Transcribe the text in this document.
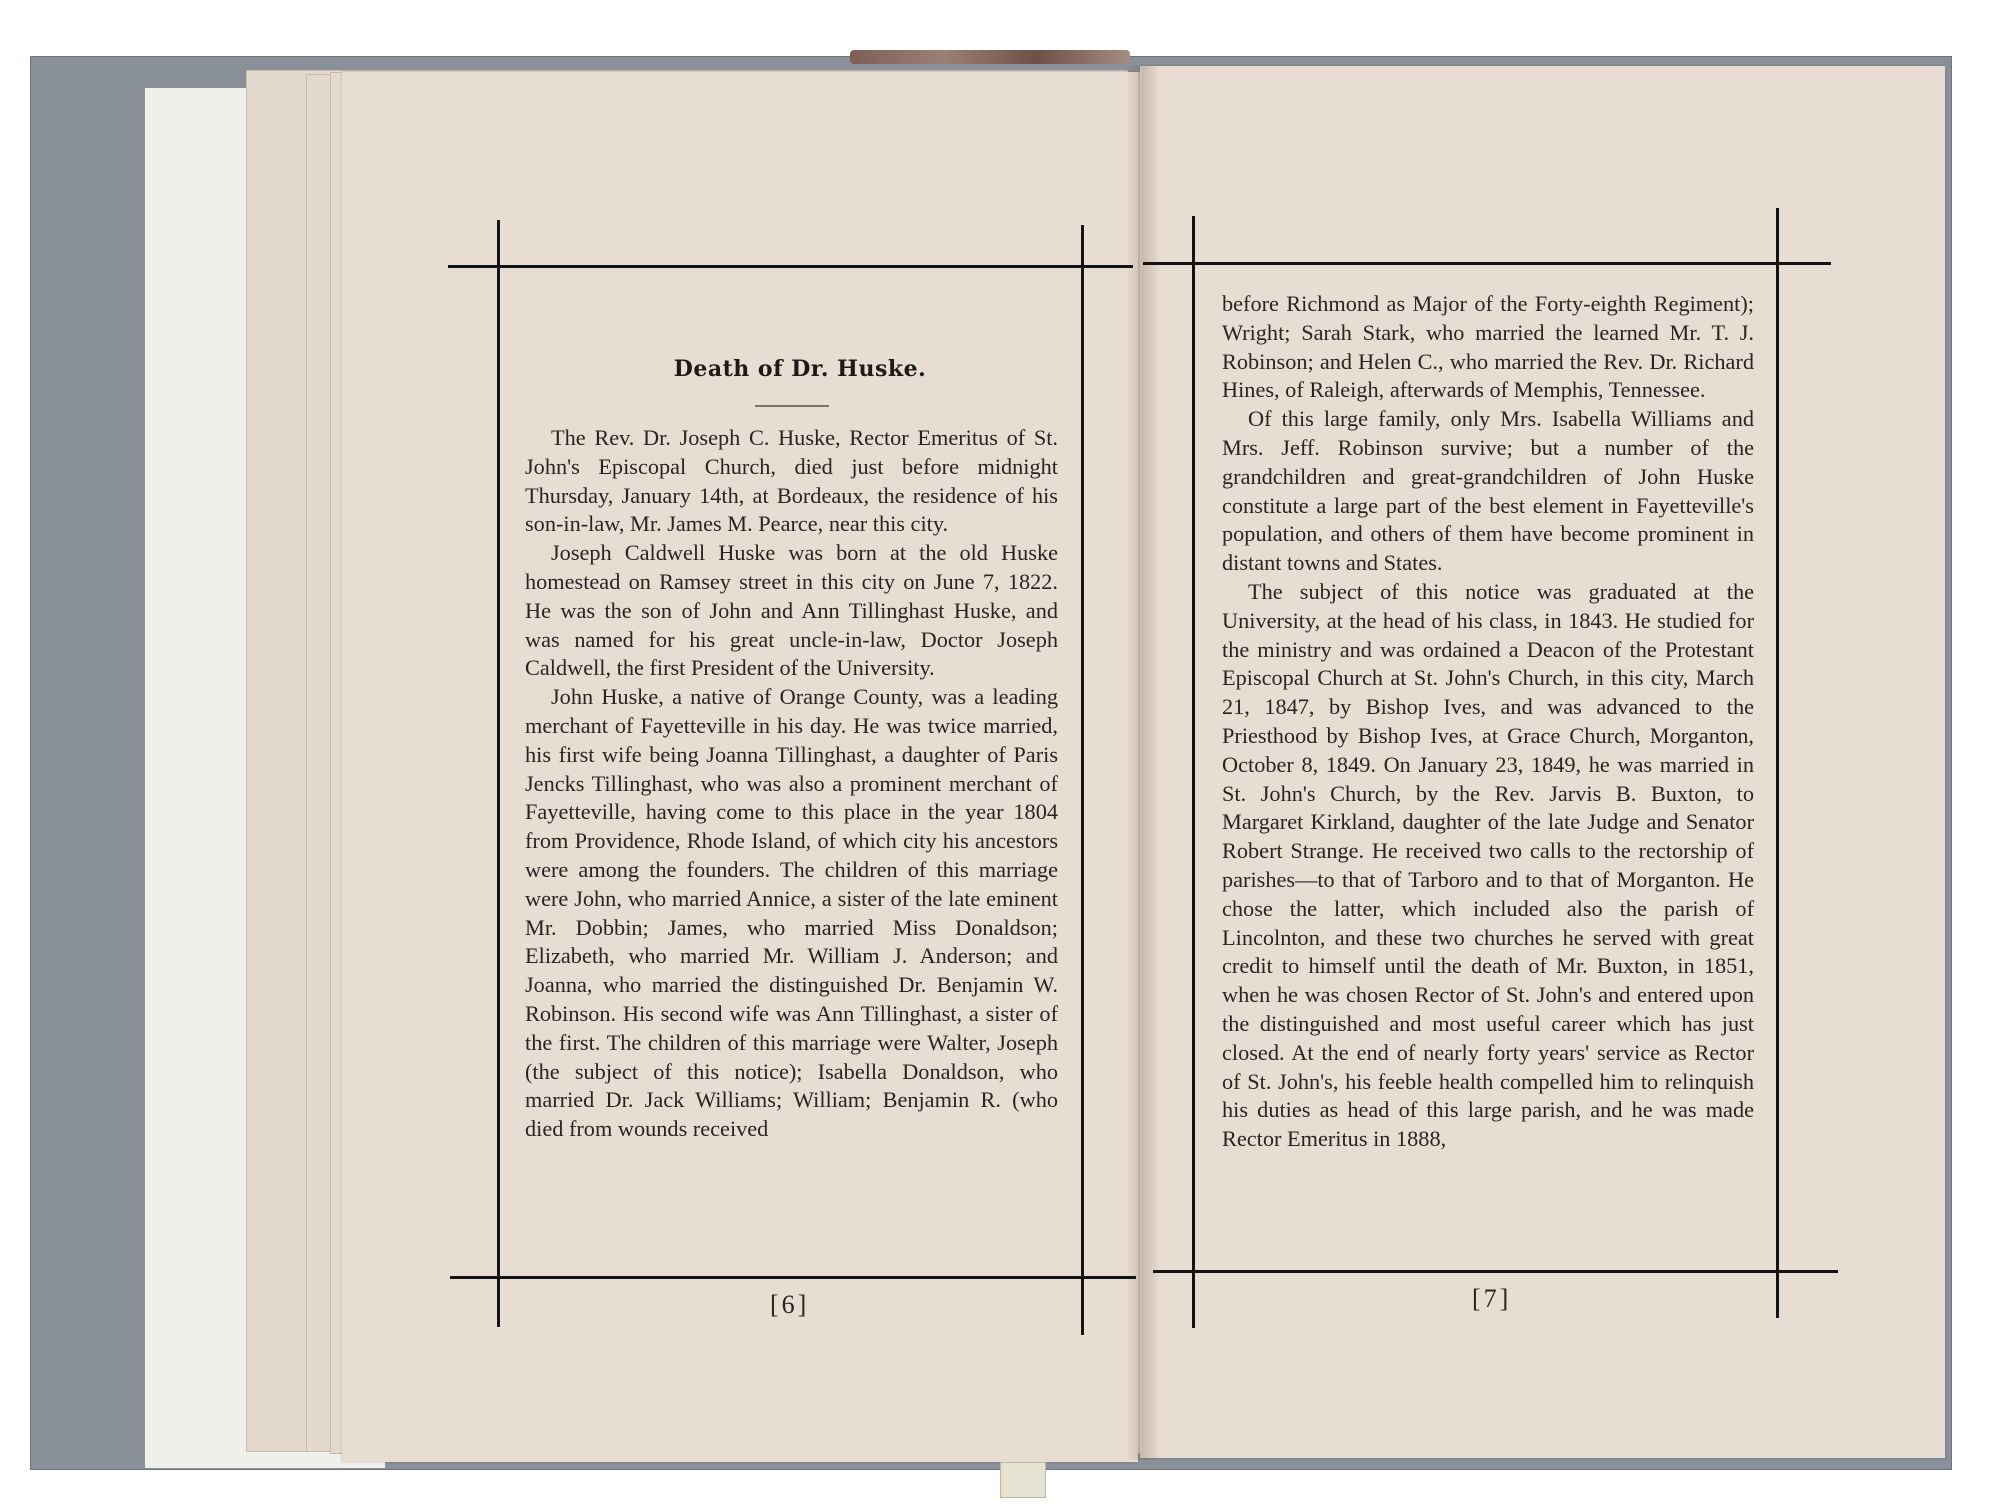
Death of Dr. Huske.

The Rev. Dr. Joseph C. Huske, Rector Emeritus of St. John's Episcopal Church, died just before midnight Thursday, January 14th, at Bordeaux, the residence of his son-in-law, Mr. James M. Pearce, near this city.

Joseph Caldwell Huske was born at the old Huske homestead on Ramsey street in this city on June 7, 1822. He was the son of John and Ann Tillinghast Huske, and was named for his great uncle-in-law, Doctor Joseph Caldwell, the first President of the University.

John Huske, a native of Orange County, was a leading merchant of Fayetteville in his day. He was twice married, his first wife being Joanna Tillinghast, a daughter of Paris Jencks Tillinghast, who was also a prominent merchant of Fayetteville, having come to this place in the year 1804 from Providence, Rhode Island, of which city his ancestors were among the founders. The children of this marriage were John, who married Annice, a sister of the late eminent Mr. Dobbin; James, who married Miss Donaldson; Elizabeth, who married Mr. William J. Anderson; and Joanna, who married the distinguished Dr. Benjamin W. Robinson. His second wife was Ann Tillinghast, a sister of the first. The children of this marriage were Walter, Joseph (the subject of this notice); Isabella Donaldson, who married Dr. Jack Williams; William; Benjamin R. (who died from wounds received

[6]

before Richmond as Major of the Forty-eighth Regiment); Wright; Sarah Stark, who married the learned Mr. T. J. Robinson; and Helen C., who married the Rev. Dr. Richard Hines, of Raleigh, afterwards of Memphis, Tennessee.

Of this large family, only Mrs. Isabella Williams and Mrs. Jeff. Robinson survive; but a number of the grandchildren and great-grandchildren of John Huske constitute a large part of the best element in Fayetteville's population, and others of them have become prominent in distant towns and States.

The subject of this notice was graduated at the University, at the head of his class, in 1843. He studied for the ministry and was ordained a Deacon of the Protestant Episcopal Church at St. John's Church, in this city, March 21, 1847, by Bishop Ives, and was advanced to the Priesthood by Bishop Ives, at Grace Church, Morganton, October 8, 1849. On January 23, 1849, he was married in St. John's Church, by the Rev. Jarvis B. Buxton, to Margaret Kirkland, daughter of the late Judge and Senator Robert Strange. He received two calls to the rectorship of parishes—to that of Tarboro and to that of Morganton. He chose the latter, which included also the parish of Lincolnton, and these two churches he served with great credit to himself until the death of Mr. Buxton, in 1851, when he was chosen Rector of St. John's and entered upon the distinguished and most useful career which has just closed. At the end of nearly forty years' service as Rector of St. John's, his feeble health compelled him to relinquish his duties as head of this large parish, and he was made Rector Emeritus in 1888,

[7]
